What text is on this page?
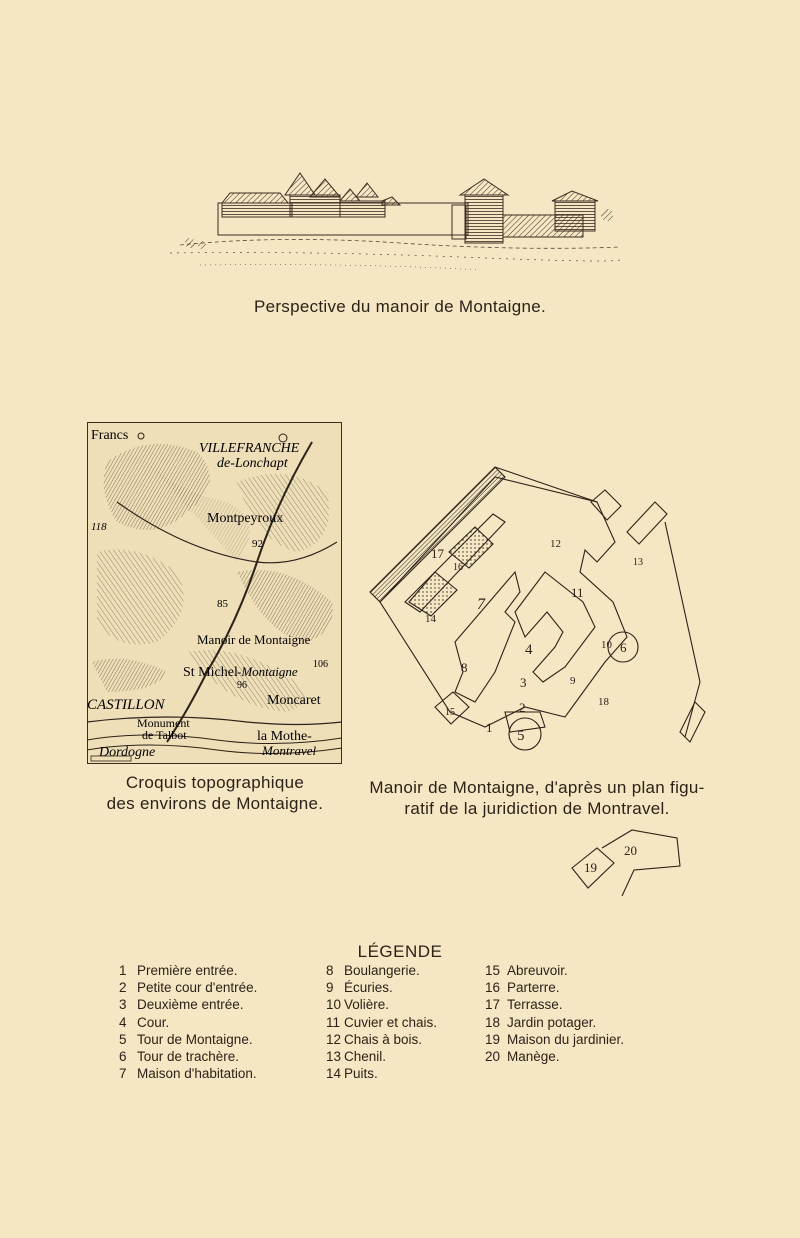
Perspective du manoir de Montaigne.
Francs
VILLEFRANCHE
de-Lonchapt
118
Montpeyroux
92
85
Manoir de Montaigne
St Michel -Montaigne 106
96
CASTILLON	Moncaret
Monument
de Talbot
Dordogne
la Mothe-
Montravel
Croquis topographique
des environs de Montaigne.
17
16
12
13
11
7
14
4	10 6
8
9
3
18
2
15
1
5
Manoir de Montaigne, d'après un plan figu-
ratif de la juridiction de Montravel.
19
20
LÉGENDE
1 Première entrée.
2 Petite cour d'entrée.
3 Deuxième entrée.
4 Cour.
5 Tour de Montaigne.
6 Tour de trachère.
7 Maison d'habitation.
8 Boulangerie.
9 Écuries.
10 Volière.
11 Cuvier et chais.
12 Chais à bois.
13 Chenil.
14 Puits.
15 Abreuvoir.
16 Parterre.
17 Terrasse.
18 Jardin potager.
19 Maison du jardinier.
20 Manège.
